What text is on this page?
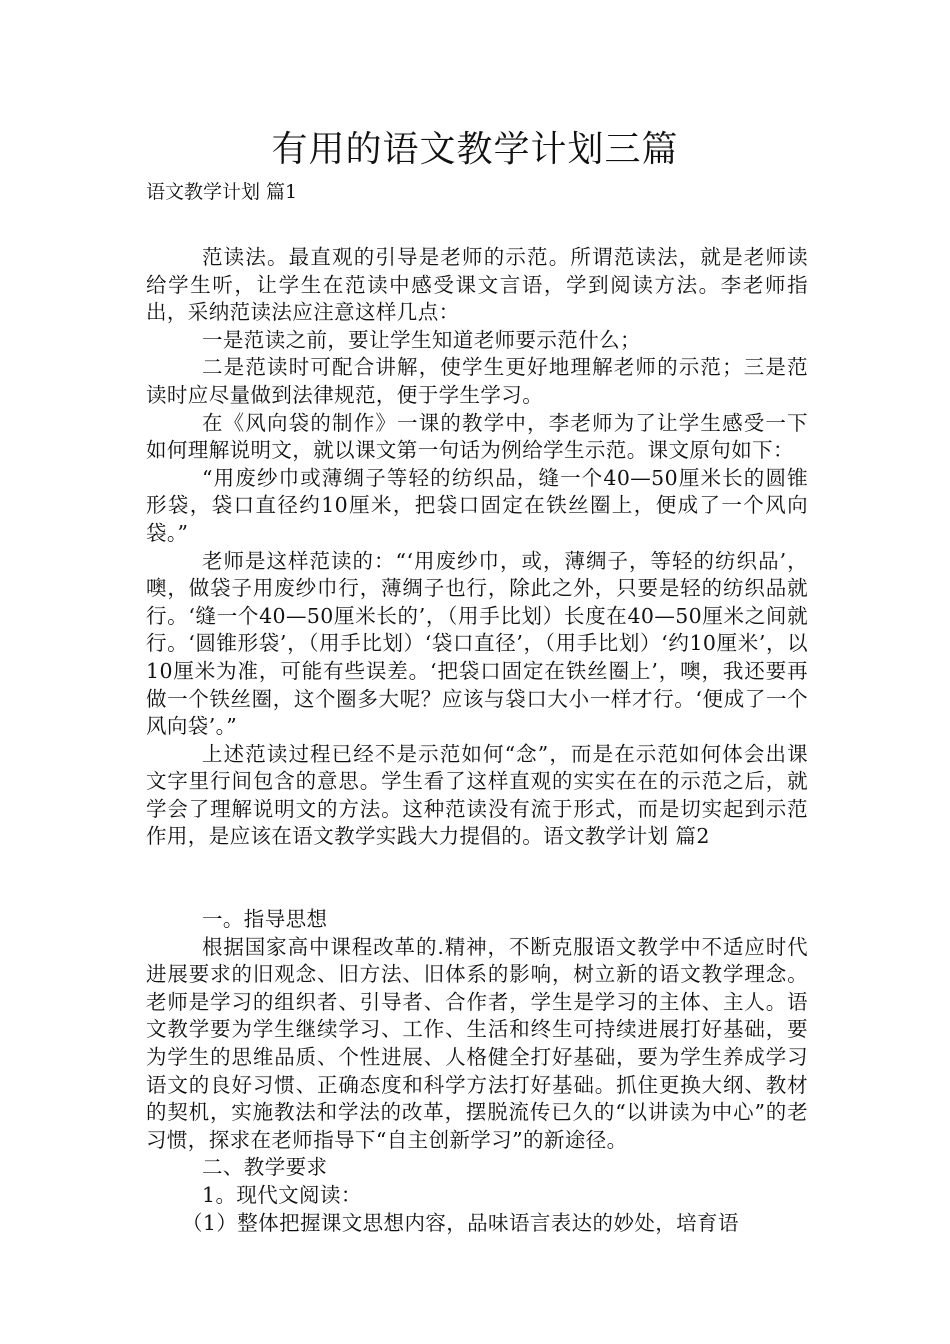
有用的语文教学计划三篇
语文教学计划 篇1

范读法。最直观的引导是老师的示范。所谓范读法，就是老师读给学生听，让学生在范读中感受课文言语，学到阅读方法。李老师指出，采纳范读法应注意这样几点：

一是范读之前，要让学生知道老师要示范什么；

二是范读时可配合讲解，使学生更好地理解老师的示范；三是范读时应尽量做到法律规范，便于学生学习。

在《风向袋的制作》一课的教学中，李老师为了让学生感受一下如何理解说明文，就以课文第一句话为例给学生示范。课文原句如下：

“用废纱巾或薄绸子等轻的纺织品，缝一个40—50厘米长的圆锥形袋，袋口直径约10厘米，把袋口固定在铁丝圈上，便成了一个风向袋。”

老师是这样范读的：“‘用废纱巾，或，薄绸子，等轻的纺织品’，噢，做袋子用废纱巾行，薄绸子也行，除此之外，只要是轻的纺织品就行。‘缝一个40—50厘米长的’，（用手比划）长度在40—50厘米之间就行。‘圆锥形袋’，（用手比划）‘袋口直径’，（用手比划）‘约10厘米’，以10厘米为准，可能有些误差。‘把袋口固定在铁丝圈上’，噢，我还要再做一个铁丝圈，这个圈多大呢？应该与袋口大小一样才行。‘便成了一个风向袋’。”

上述范读过程已经不是示范如何“念”，而是在示范如何体会出课文字里行间包含的意思。学生看了这样直观的实实在在的示范之后，就学会了理解说明文的方法。这种范读没有流于形式，而是切实起到示范作用，是应该在语文教学实践大力提倡的。语文教学计划 篇2

一。指导思想

根据国家高中课程改革的.精神，不断克服语文教学中不适应时代进展要求的旧观念、旧方法、旧体系的影响，树立新的语文教学理念。老师是学习的组织者、引导者、合作者，学生是学习的主体、主人。语文教学要为学生继续学习、工作、生活和终生可持续进展打好基础，要为学生的思维品质、个性进展、人格健全打好基础，要为学生养成学习语文的良好习惯、正确态度和科学方法打好基础。抓住更换大纲、教材的契机，实施教法和学法的改革，摆脱流传已久的“以讲读为中心”的老习惯，探求在老师指导下“自主创新学习”的新途径。

二、教学要求

1。现代文阅读：

（1）整体把握课文思想内容，品味语言表达的妙处，培育语
